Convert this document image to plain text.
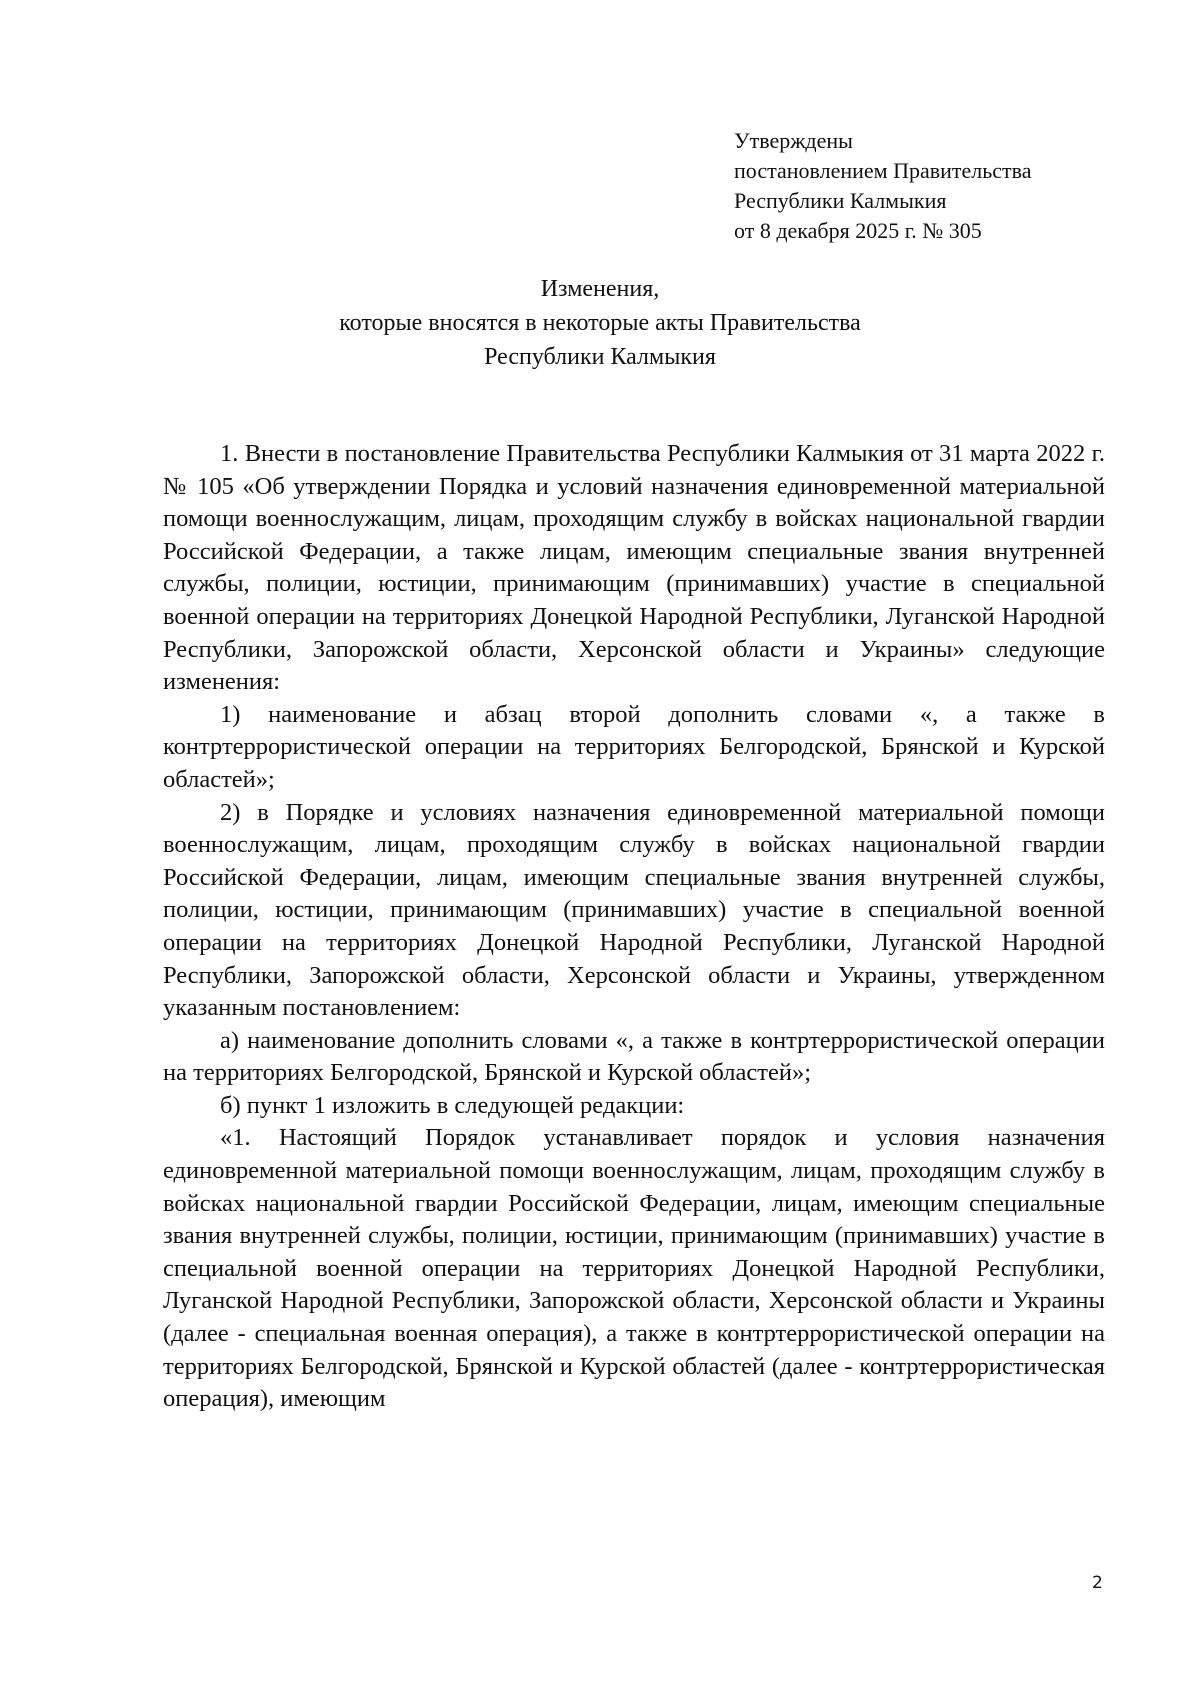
Утверждены
постановлением Правительства
Республики Калмыкия
от 8 декабря 2025 г. № 305
Изменения,
которые вносятся в некоторые акты Правительства
Республики Калмыкия

1. Внести в постановление Правительства Республики Калмыкия от 31 марта 2022 г. № 105 «Об утверждении Порядка и условий назначения единовременной материальной помощи военнослужащим, лицам, проходящим службу в войсках национальной гвардии Российской Федерации, а также лицам, имеющим специальные звания внутренней службы, полиции, юстиции, принимающим (принимавших) участие в специальной военной операции на территориях Донецкой Народной Республики, Луганской Народной Республики, Запорожской области, Херсонской области и Украины» следующие изменения:

1) наименование и абзац второй дополнить словами «, а также в контртеррористической операции на территориях Белгородской, Брянской и Курской областей»;

2) в Порядке и условиях назначения единовременной материальной помощи военнослужащим, лицам, проходящим службу в войсках национальной гвардии Российской Федерации, лицам, имеющим специальные звания внутренней службы, полиции, юстиции, принимающим (принимавших) участие в специальной военной операции на территориях Донецкой Народной Республики, Луганской Народной Республики, Запорожской области, Херсонской области и Украины, утвержденном указанным постановлением:

а) наименование дополнить словами «, а также в контртеррористической операции на территориях Белгородской, Брянской и Курской областей»;

б) пункт 1 изложить в следующей редакции:

«1. Настоящий Порядок устанавливает порядок и условия назначения единовременной материальной помощи военнослужащим, лицам, проходящим службу в войсках национальной гвардии Российской Федерации, лицам, имеющим специальные звания внутренней службы, полиции, юстиции, принимающим (принимавших) участие в специальной военной операции на территориях Донецкой Народной Республики, Луганской Народной Республики, Запорожской области, Херсонской области и Украины (далее - специальная военная операция), а также в контртеррористической операции на территориях Белгородской, Брянской и Курской областей (далее - контртеррористическая операция), имеющим

2
